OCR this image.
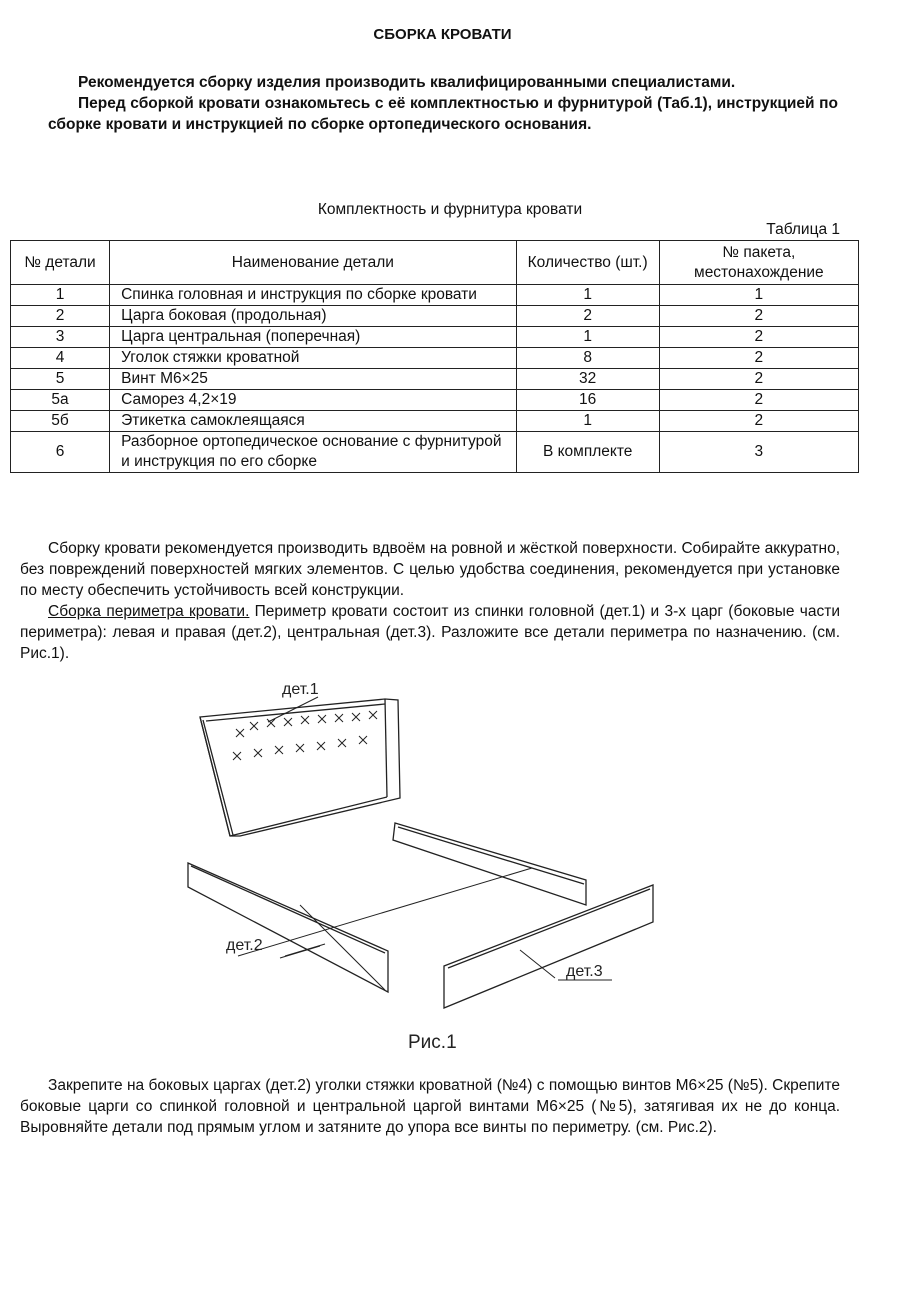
СБОРКА КРОВАТИ

Рекомендуется сборку изделия производить квалифицированными специалистами.

Перед сборкой кровати ознакомьтесь с её комплектностью и фурнитурой (Таб.1), инструкцией по сборке кровати и инструкцией по сборке ортопедического основания.

Комплектность и фурнитура кровати
Таблица 1
№ детали	Наименование детали	Количество (шт.)	№ пакета, местонахождение
1	Спинка головная и инструкция по сборке кровати	1	1
2	Царга боковая (продольная)	2	2
3	Царга центральная (поперечная)	1	2
4	Уголок стяжки кроватной	8	2
5	Винт М6×25	32	2
5а	Саморез 4,2×19	16	2
5б	Этикетка самоклеящаяся	1	2
6	Разборное ортопедическое основание с фурнитурой и инструкция по его сборке	В комплекте	3

Сборку кровати рекомендуется производить вдвоём на ровной и жёсткой поверхности. Собирайте аккуратно, без повреждений поверхностей мягких элементов. С целью удобства соединения, рекомендуется при установке по месту обеспечить устойчивость всей конструкции.

Сборка периметра кровати. Периметр кровати состоит из спинки головной (дет.1) и 3-х царг (боковые части периметра): левая и правая (дет.2), центральная (дет.3). Разложите все детали периметра по назначению. (см. Рис.1).

дет.1
дет.2
дет.3
Рис.1

Закрепите на боковых царгах (дет.2) уголки стяжки кроватной (№4) с помощью винтов М6×25 (№5). Скрепите боковые царги со спинкой головной и центральной царгой винтами М6×25 (№5), затягивая их не до конца. Выровняйте детали под прямым углом и затяните до упора все винты по периметру. (см. Рис.2).
